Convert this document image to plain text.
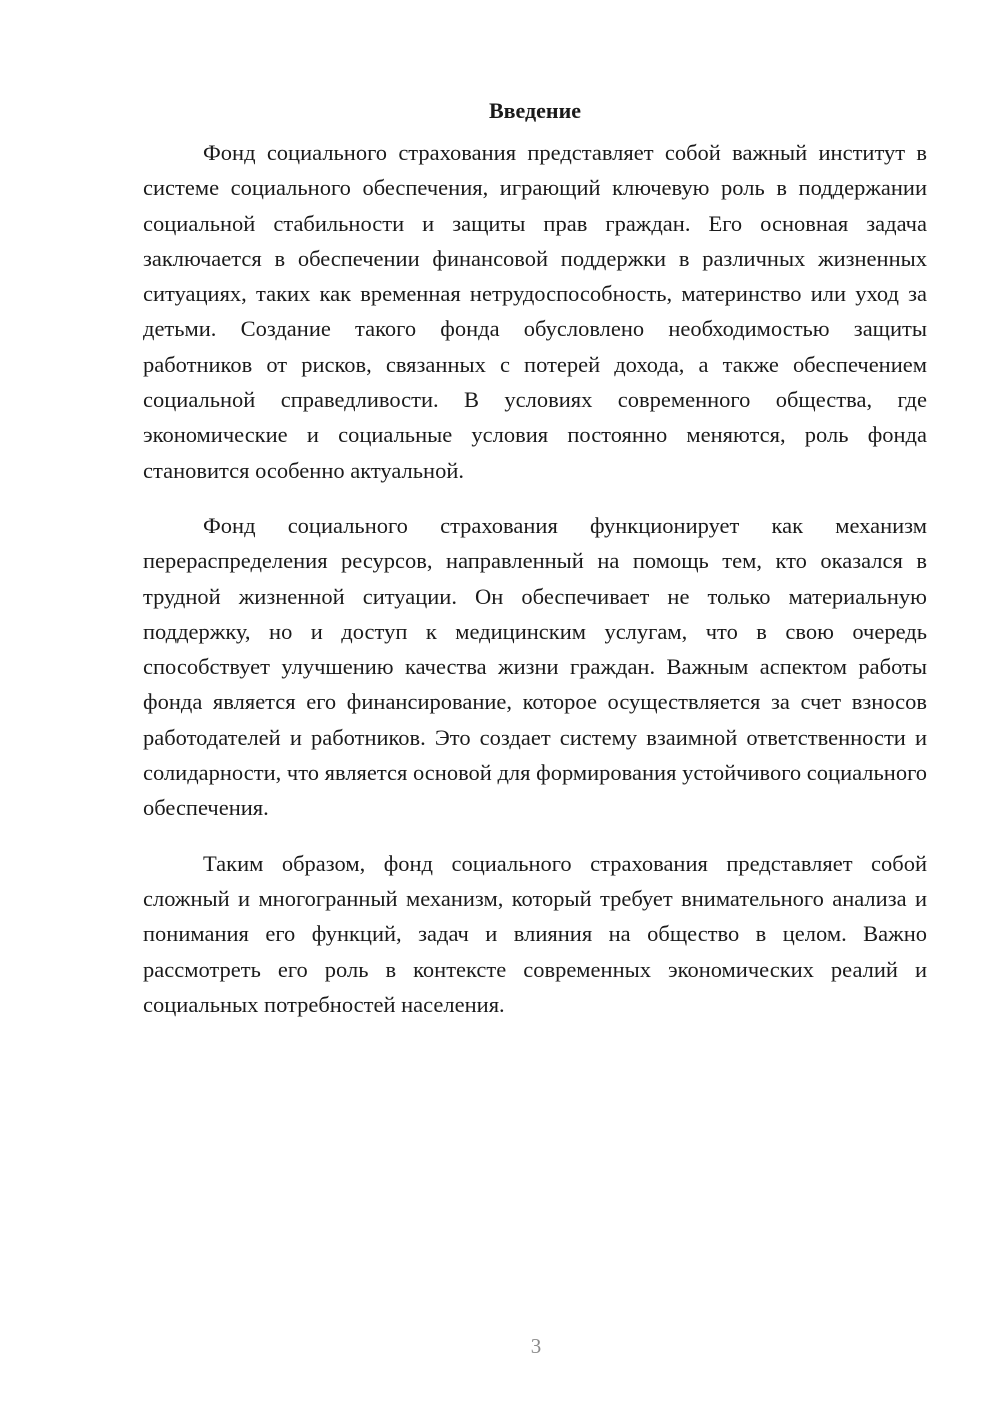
Введение

Фонд социального страхования представляет собой важный институт в системе социального обеспечения, играющий ключевую роль в поддержании социальной стабильности и защиты прав граждан. Его основная задача заключается в обеспечении финансовой поддержки в различных жизненных ситуациях, таких как временная нетрудоспособность, материнство или уход за детьми. Создание такого фонда обусловлено необходимостью защиты работников от рисков, связанных с потерей дохода, а также обеспечением социальной справедливости. В условиях современного общества, где экономические и социальные условия постоянно меняются, роль фонда становится особенно актуальной.

Фонд социального страхования функционирует как механизм перераспределения ресурсов, направленный на помощь тем, кто оказался в трудной жизненной ситуации. Он обеспечивает не только материальную поддержку, но и доступ к медицинским услугам, что в свою очередь способствует улучшению качества жизни граждан. Важным аспектом работы фонда является его финансирование, которое осуществляется за счет взносов работодателей и работников. Это создает систему взаимной ответственности и солидарности, что является основой для формирования устойчивого социального обеспечения.

Таким образом, фонд социального страхования представляет собой сложный и многогранный механизм, который требует внимательного анализа и понимания его функций, задач и влияния на общество в целом. Важно рассмотреть его роль в контексте современных экономических реалий и социальных потребностей населения.

3
